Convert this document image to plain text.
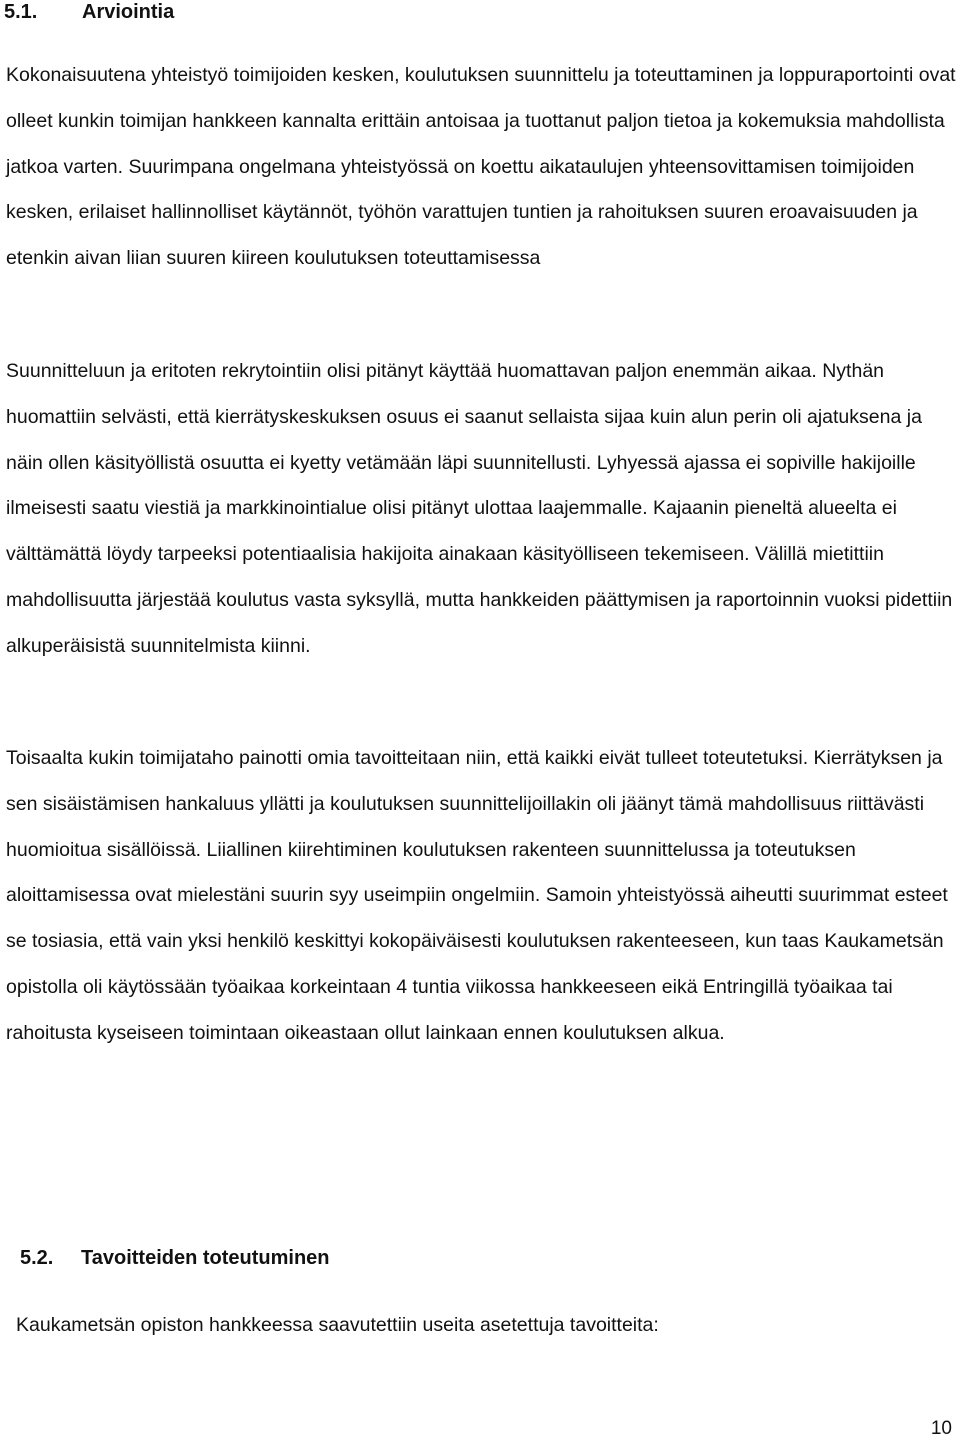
5.1. Arviointia

Kokonaisuutena yhteistyö toimijoiden kesken, koulutuksen suunnittelu ja toteuttaminen ja loppuraportointi ovat olleet kunkin toimijan hankkeen kannalta erittäin antoisaa ja tuottanut paljon tietoa ja kokemuksia mahdollista jatkoa varten. Suurimpana ongelmana yhteistyössä on koettu aikataulujen yhteensovittamisen toimijoiden kesken, erilaiset hallinnolliset käytännöt, työhön varattujen tuntien ja rahoituksen suuren eroavaisuuden ja etenkin aivan liian suuren kiireen koulutuksen toteuttamisessa

Suunnitteluun ja eritoten rekrytointiin olisi pitänyt käyttää huomattavan paljon enemmän aikaa. Nythän huomattiin selvästi, että kierrätyskeskuksen osuus ei saanut sellaista sijaa kuin alun perin oli ajatuksena ja näin ollen käsityöllistä osuutta ei kyetty vetämään läpi suunnitellusti. Lyhyessä ajassa ei sopiville hakijoille ilmeisesti saatu viestiä ja markkinointialue olisi pitänyt ulottaa laajemmalle. Kajaanin pieneltä alueelta ei välttämättä löydy tarpeeksi potentiaalisia hakijoita ainakaan käsityölliseen tekemiseen. Välillä mietittiin mahdollisuutta järjestää koulutus vasta syksyllä, mutta hankkeiden päättymisen ja raportoinnin vuoksi pidettiin alkuperäisistä suunnitelmista kiinni.

Toisaalta kukin toimijataho painotti omia tavoitteitaan niin, että kaikki eivät tulleet toteutetuksi. Kierrätyksen ja sen sisäistämisen hankaluus yllätti ja koulutuksen suunnittelijoillakin oli jäänyt tämä mahdollisuus riittävästi huomioitua sisällöissä. Liiallinen kiirehtiminen koulutuksen rakenteen suunnittelussa ja toteutuksen aloittamisessa ovat mielestäni suurin syy useimpiin ongelmiin. Samoin yhteistyössä aiheutti suurimmat esteet se tosiasia, että vain yksi henkilö keskittyi kokopäiväisesti koulutuksen rakenteeseen, kun taas Kaukametsän opistolla oli käytössään työaikaa korkeintaan 4 tuntia viikossa hankkeeseen eikä Entringillä työaikaa tai rahoitusta kyseiseen toimintaan oikeastaan ollut lainkaan ennen koulutuksen alkua.

5.2. Tavoitteiden toteutuminen

Kaukametsän opiston hankkeessa saavutettiin useita asetettuja tavoitteita:

10
